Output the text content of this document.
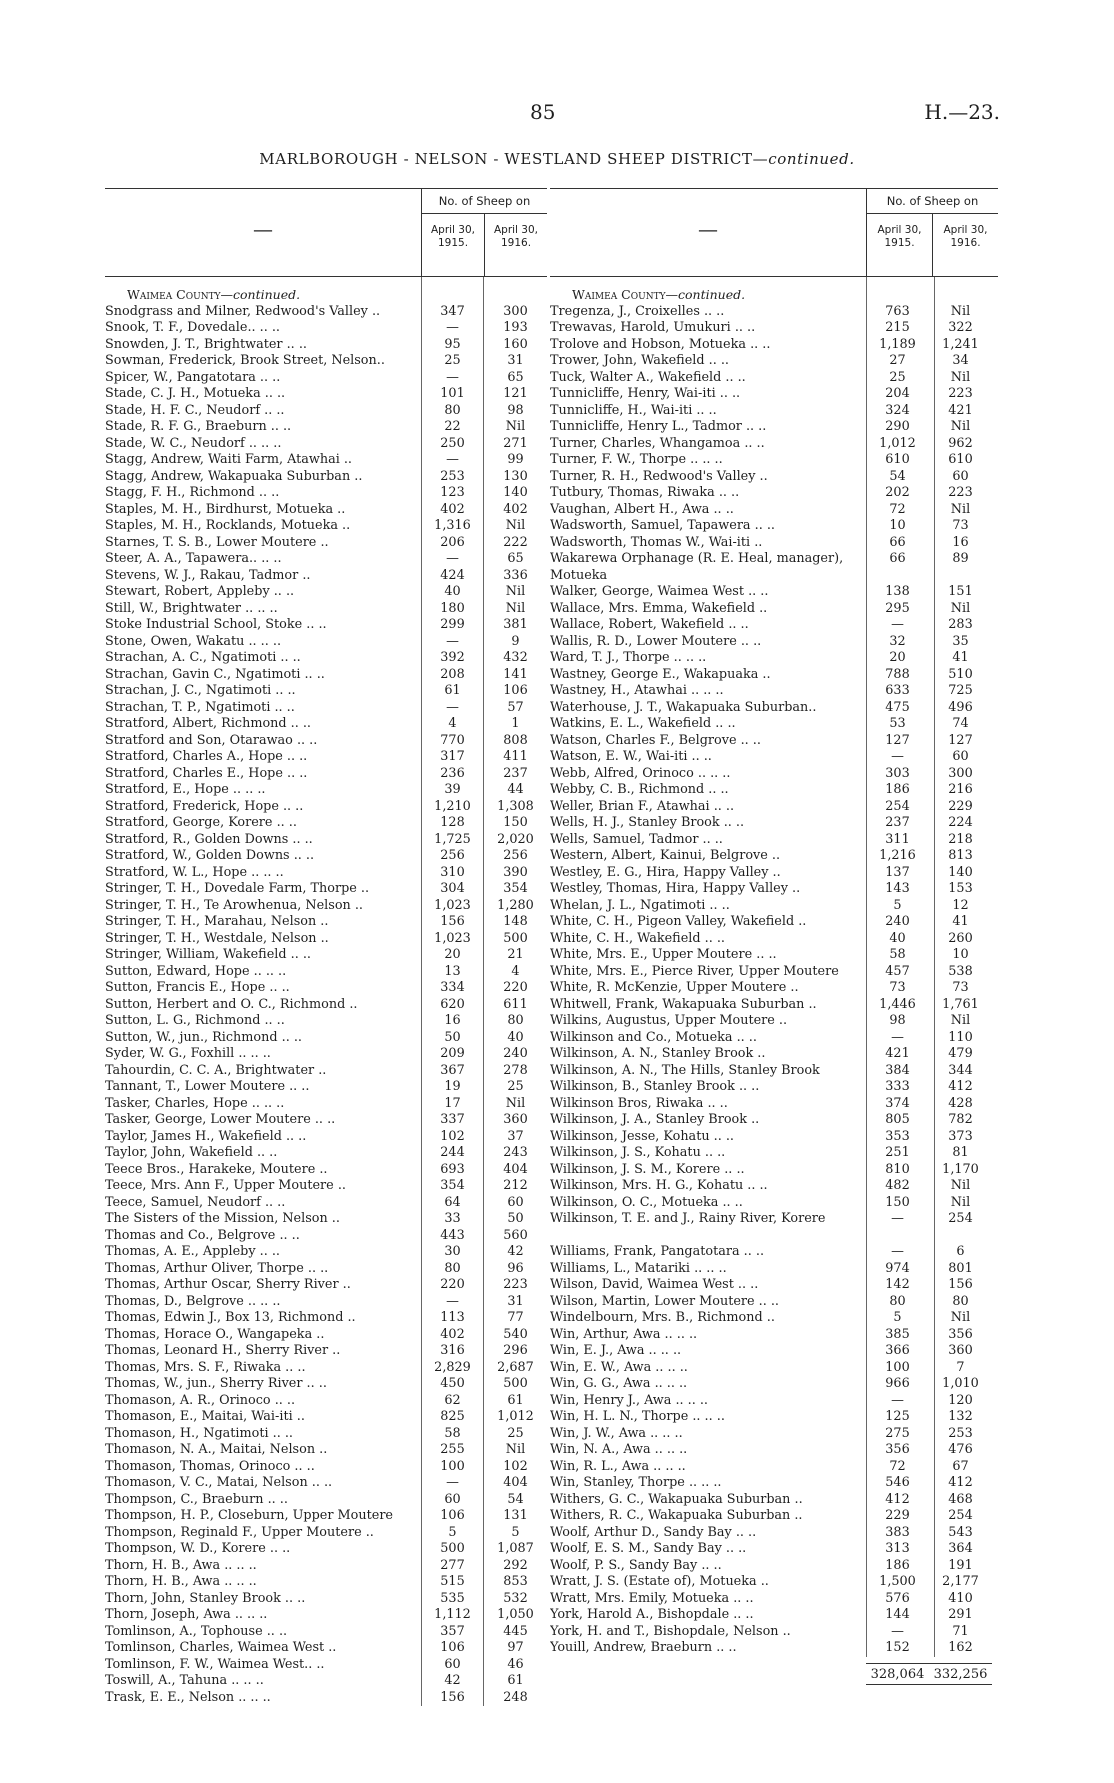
85	H.—23.
MARLBOROUGH - NELSON - WESTLAND SHEEP DISTRICT—continued.
—
No. of Sheep on
April 30, 1915.
April 30, 1916.
Waimea County—continued.
Snodgrass and Milner, Redwood's Valley ..	347	300
Snook, T. F., Dovedale.. .. ..	—	193
Snowden, J. T., Brightwater .. ..	95	160
Sowman, Frederick, Brook Street, Nelson..	25	31
Spicer, W., Pangatotara .. ..	—	65
Stade, C. J. H., Motueka .. ..	101	121
Stade, H. F. C., Neudorf .. ..	80	98
Stade, R. F. G., Braeburn .. ..	22	Nil
Stade, W. C., Neudorf .. .. ..	250	271
Stagg, Andrew, Waiti Farm, Atawhai ..	—	99
Stagg, Andrew, Wakapuaka Suburban ..	253	130
Stagg, F. H., Richmond .. ..	123	140
Staples, M. H., Birdhurst, Motueka ..	402	402
Staples, M. H., Rocklands, Motueka ..	1,316	Nil
Starnes, T. S. B., Lower Moutere ..	206	222
Steer, A. A., Tapawera.. .. ..	—	65
Stevens, W. J., Rakau, Tadmor ..	424	336
Stewart, Robert, Appleby .. ..	40	Nil
Still, W., Brightwater .. .. ..	180	Nil
Stoke Industrial School, Stoke .. ..	299	381
Stone, Owen, Wakatu .. .. ..	—	9
Strachan, A. C., Ngatimoti .. ..	392	432
Strachan, Gavin C., Ngatimoti .. ..	208	141
Strachan, J. C., Ngatimoti .. ..	61	106
Strachan, T. P., Ngatimoti .. ..	—	57
Stratford, Albert, Richmond .. ..	4	1
Stratford and Son, Otarawao .. ..	770	808
Stratford, Charles A., Hope .. ..	317	411
Stratford, Charles E., Hope .. ..	236	237
Stratford, E., Hope .. .. ..	39	44
Stratford, Frederick, Hope .. ..	1,210	1,308
Stratford, George, Korere .. ..	128	150
Stratford, R., Golden Downs .. ..	1,725	2,020
Stratford, W., Golden Downs .. ..	256	256
Stratford, W. L., Hope .. .. ..	310	390
Stringer, T. H., Dovedale Farm, Thorpe ..	304	354
Stringer, T. H., Te Arowhenua, Nelson ..	1,023	1,280
Stringer, T. H., Marahau, Nelson ..	156	148
Stringer, T. H., Westdale, Nelson ..	1,023	500
Stringer, William, Wakefield .. ..	20	21
Sutton, Edward, Hope .. .. ..	13	4
Sutton, Francis E., Hope .. ..	334	220
Sutton, Herbert and O. C., Richmond ..	620	611
Sutton, L. G., Richmond .. ..	16	80
Sutton, W., jun., Richmond .. ..	50	40
Syder, W. G., Foxhill .. .. ..	209	240
Tahourdin, C. C. A., Brightwater ..	367	278
Tannant, T., Lower Moutere .. ..	19	25
Tasker, Charles, Hope .. .. ..	17	Nil
Tasker, George, Lower Moutere .. ..	337	360
Taylor, James H., Wakefield .. ..	102	37
Taylor, John, Wakefield .. ..	244	243
Teece Bros., Harakeke, Moutere ..	693	404
Teece, Mrs. Ann F., Upper Moutere ..	354	212
Teece, Samuel, Neudorf .. ..	64	60
The Sisters of the Mission, Nelson ..	33	50
Thomas and Co., Belgrove .. ..	443	560
Thomas, A. E., Appleby .. ..	30	42
Thomas, Arthur Oliver, Thorpe .. ..	80	96
Thomas, Arthur Oscar, Sherry River ..	220	223
Thomas, D., Belgrove .. .. ..	—	31
Thomas, Edwin J., Box 13, Richmond ..	113	77
Thomas, Horace O., Wangapeka ..	402	540
Thomas, Leonard H., Sherry River ..	316	296
Thomas, Mrs. S. F., Riwaka .. ..	2,829	2,687
Thomas, W., jun., Sherry River .. ..	450	500
Thomason, A. R., Orinoco .. ..	62	61
Thomason, E., Maitai, Wai-iti ..	825	1,012
Thomason, H., Ngatimoti .. ..	58	25
Thomason, N. A., Maitai, Nelson ..	255	Nil
Thomason, Thomas, Orinoco .. ..	100	102
Thomason, V. C., Matai, Nelson .. ..	—	404
Thompson, C., Braeburn .. ..	60	54
Thompson, H. P., Closeburn, Upper Moutere	106	131
Thompson, Reginald F., Upper Moutere ..	5	5
Thompson, W. D., Korere .. ..	500	1,087
Thorn, H. B., Awa .. .. ..	277	292
Thorn, H. B., Awa .. .. ..	515	853
Thorn, John, Stanley Brook .. ..	535	532
Thorn, Joseph, Awa .. .. ..	1,112	1,050
Tomlinson, A., Tophouse .. ..	357	445
Tomlinson, Charles, Waimea West ..	106	97
Tomlinson, F. W., Waimea West.. ..	60	46
Toswill, A., Tahuna .. .. ..	42	61
Trask, E. E., Nelson .. .. ..	156	248
—
No. of Sheep on
April 30, 1915.
April 30, 1916.
Waimea County—continued.
Tregenza, J., Croixelles .. ..	763	Nil
Trewavas, Harold, Umukuri .. ..	215	322
Trolove and Hobson, Motueka .. ..	1,189	1,241
Trower, John, Wakefield .. ..	27	34
Tuck, Walter A., Wakefield .. ..	25	Nil
Tunnicliffe, Henry, Wai-iti .. ..	204	223
Tunnicliffe, H., Wai-iti .. ..	324	421
Tunnicliffe, Henry L., Tadmor .. ..	290	Nil
Turner, Charles, Whangamoa .. ..	1,012	962
Turner, F. W., Thorpe .. .. ..	610	610
Turner, R. H., Redwood's Valley ..	54	60
Tutbury, Thomas, Riwaka .. ..	202	223
Vaughan, Albert H., Awa .. ..	72	Nil
Wadsworth, Samuel, Tapawera .. ..	10	73
Wadsworth, Thomas W., Wai-iti ..	66	16
Wakarewa Orphanage (R. E. Heal, manager), Motueka
66	89
Walker, George, Waimea West .. ..	138	151
Wallace, Mrs. Emma, Wakefield ..	295	Nil
Wallace, Robert, Wakefield .. ..	—	283
Wallis, R. D., Lower Moutere .. ..	32	35
Ward, T. J., Thorpe .. .. ..	20	41
Wastney, George E., Wakapuaka ..	788	510
Wastney, H., Atawhai .. .. ..	633	725
Waterhouse, J. T., Wakapuaka Suburban..	475	496
Watkins, E. L., Wakefield .. ..	53	74
Watson, Charles F., Belgrove .. ..	127	127
Watson, E. W., Wai-iti .. ..	—	60
Webb, Alfred, Orinoco .. .. ..	303	300
Webby, C. B., Richmond .. ..	186	216
Weller, Brian F., Atawhai .. ..	254	229
Wells, H. J., Stanley Brook .. ..	237	224
Wells, Samuel, Tadmor .. ..	311	218
Western, Albert, Kainui, Belgrove ..	1,216	813
Westley, E. G., Hira, Happy Valley ..	137	140
Westley, Thomas, Hira, Happy Valley ..	143	153
Whelan, J. L., Ngatimoti .. ..	5	12
White, C. H., Pigeon Valley, Wakefield ..	240	41
White, C. H., Wakefield .. ..	40	260
White, Mrs. E., Upper Moutere .. ..	58	10
White, Mrs. E., Pierce River, Upper Moutere	457	538
White, R. McKenzie, Upper Moutere ..	73	73
Whitwell, Frank, Wakapuaka Suburban ..	1,446	1,761
Wilkins, Augustus, Upper Moutere ..	98	Nil
Wilkinson and Co., Motueka .. ..	—	110
Wilkinson, A. N., Stanley Brook ..	421	479
Wilkinson, A. N., The Hills, Stanley Brook	384	344
Wilkinson, B., Stanley Brook .. ..	333	412
Wilkinson Bros, Riwaka .. ..	374	428
Wilkinson, J. A., Stanley Brook ..	805	782
Wilkinson, Jesse, Kohatu .. ..	353	373
Wilkinson, J. S., Kohatu .. ..	251	81
Wilkinson, J. S. M., Korere .. ..	810	1,170
Wilkinson, Mrs. H. G., Kohatu .. ..	482	Nil
Wilkinson, O. C., Motueka .. ..	150	Nil
Wilkinson, T. E. and J., Rainy River, Korere	—	254
Williams, Frank, Pangatotara .. ..	—	6
Williams, L., Matariki .. .. ..	974	801
Wilson, David, Waimea West .. ..	142	156
Wilson, Martin, Lower Moutere .. ..	80	80
Windelbourn, Mrs. B., Richmond ..	5	Nil
Win, Arthur, Awa .. .. ..	385	356
Win, E. J., Awa .. .. ..	366	360
Win, E. W., Awa .. .. ..	100	7
Win, G. G., Awa .. .. ..	966	1,010
Win, Henry J., Awa .. .. ..	—	120
Win, H. L. N., Thorpe .. .. ..	125	132
Win, J. W., Awa .. .. ..	275	253
Win, N. A., Awa .. .. ..	356	476
Win, R. L., Awa .. .. ..	72	67
Win, Stanley, Thorpe .. .. ..	546	412
Withers, G. C., Wakapuaka Suburban ..	412	468
Withers, R. C., Wakapuaka Suburban ..	229	254
Woolf, Arthur D., Sandy Bay .. ..	383	543
Woolf, E. S. M., Sandy Bay .. ..	313	364
Woolf, P. S., Sandy Bay .. ..	186	191
Wratt, J. S. (Estate of), Motueka ..	1,500	2,177
Wratt, Mrs. Emily, Motueka .. ..	576	410
York, Harold A., Bishopdale .. ..	144	291
York, H. and T., Bishopdale, Nelson ..	—	71
Youill, Andrew, Braeburn .. ..	152	162
328,064 332,256
